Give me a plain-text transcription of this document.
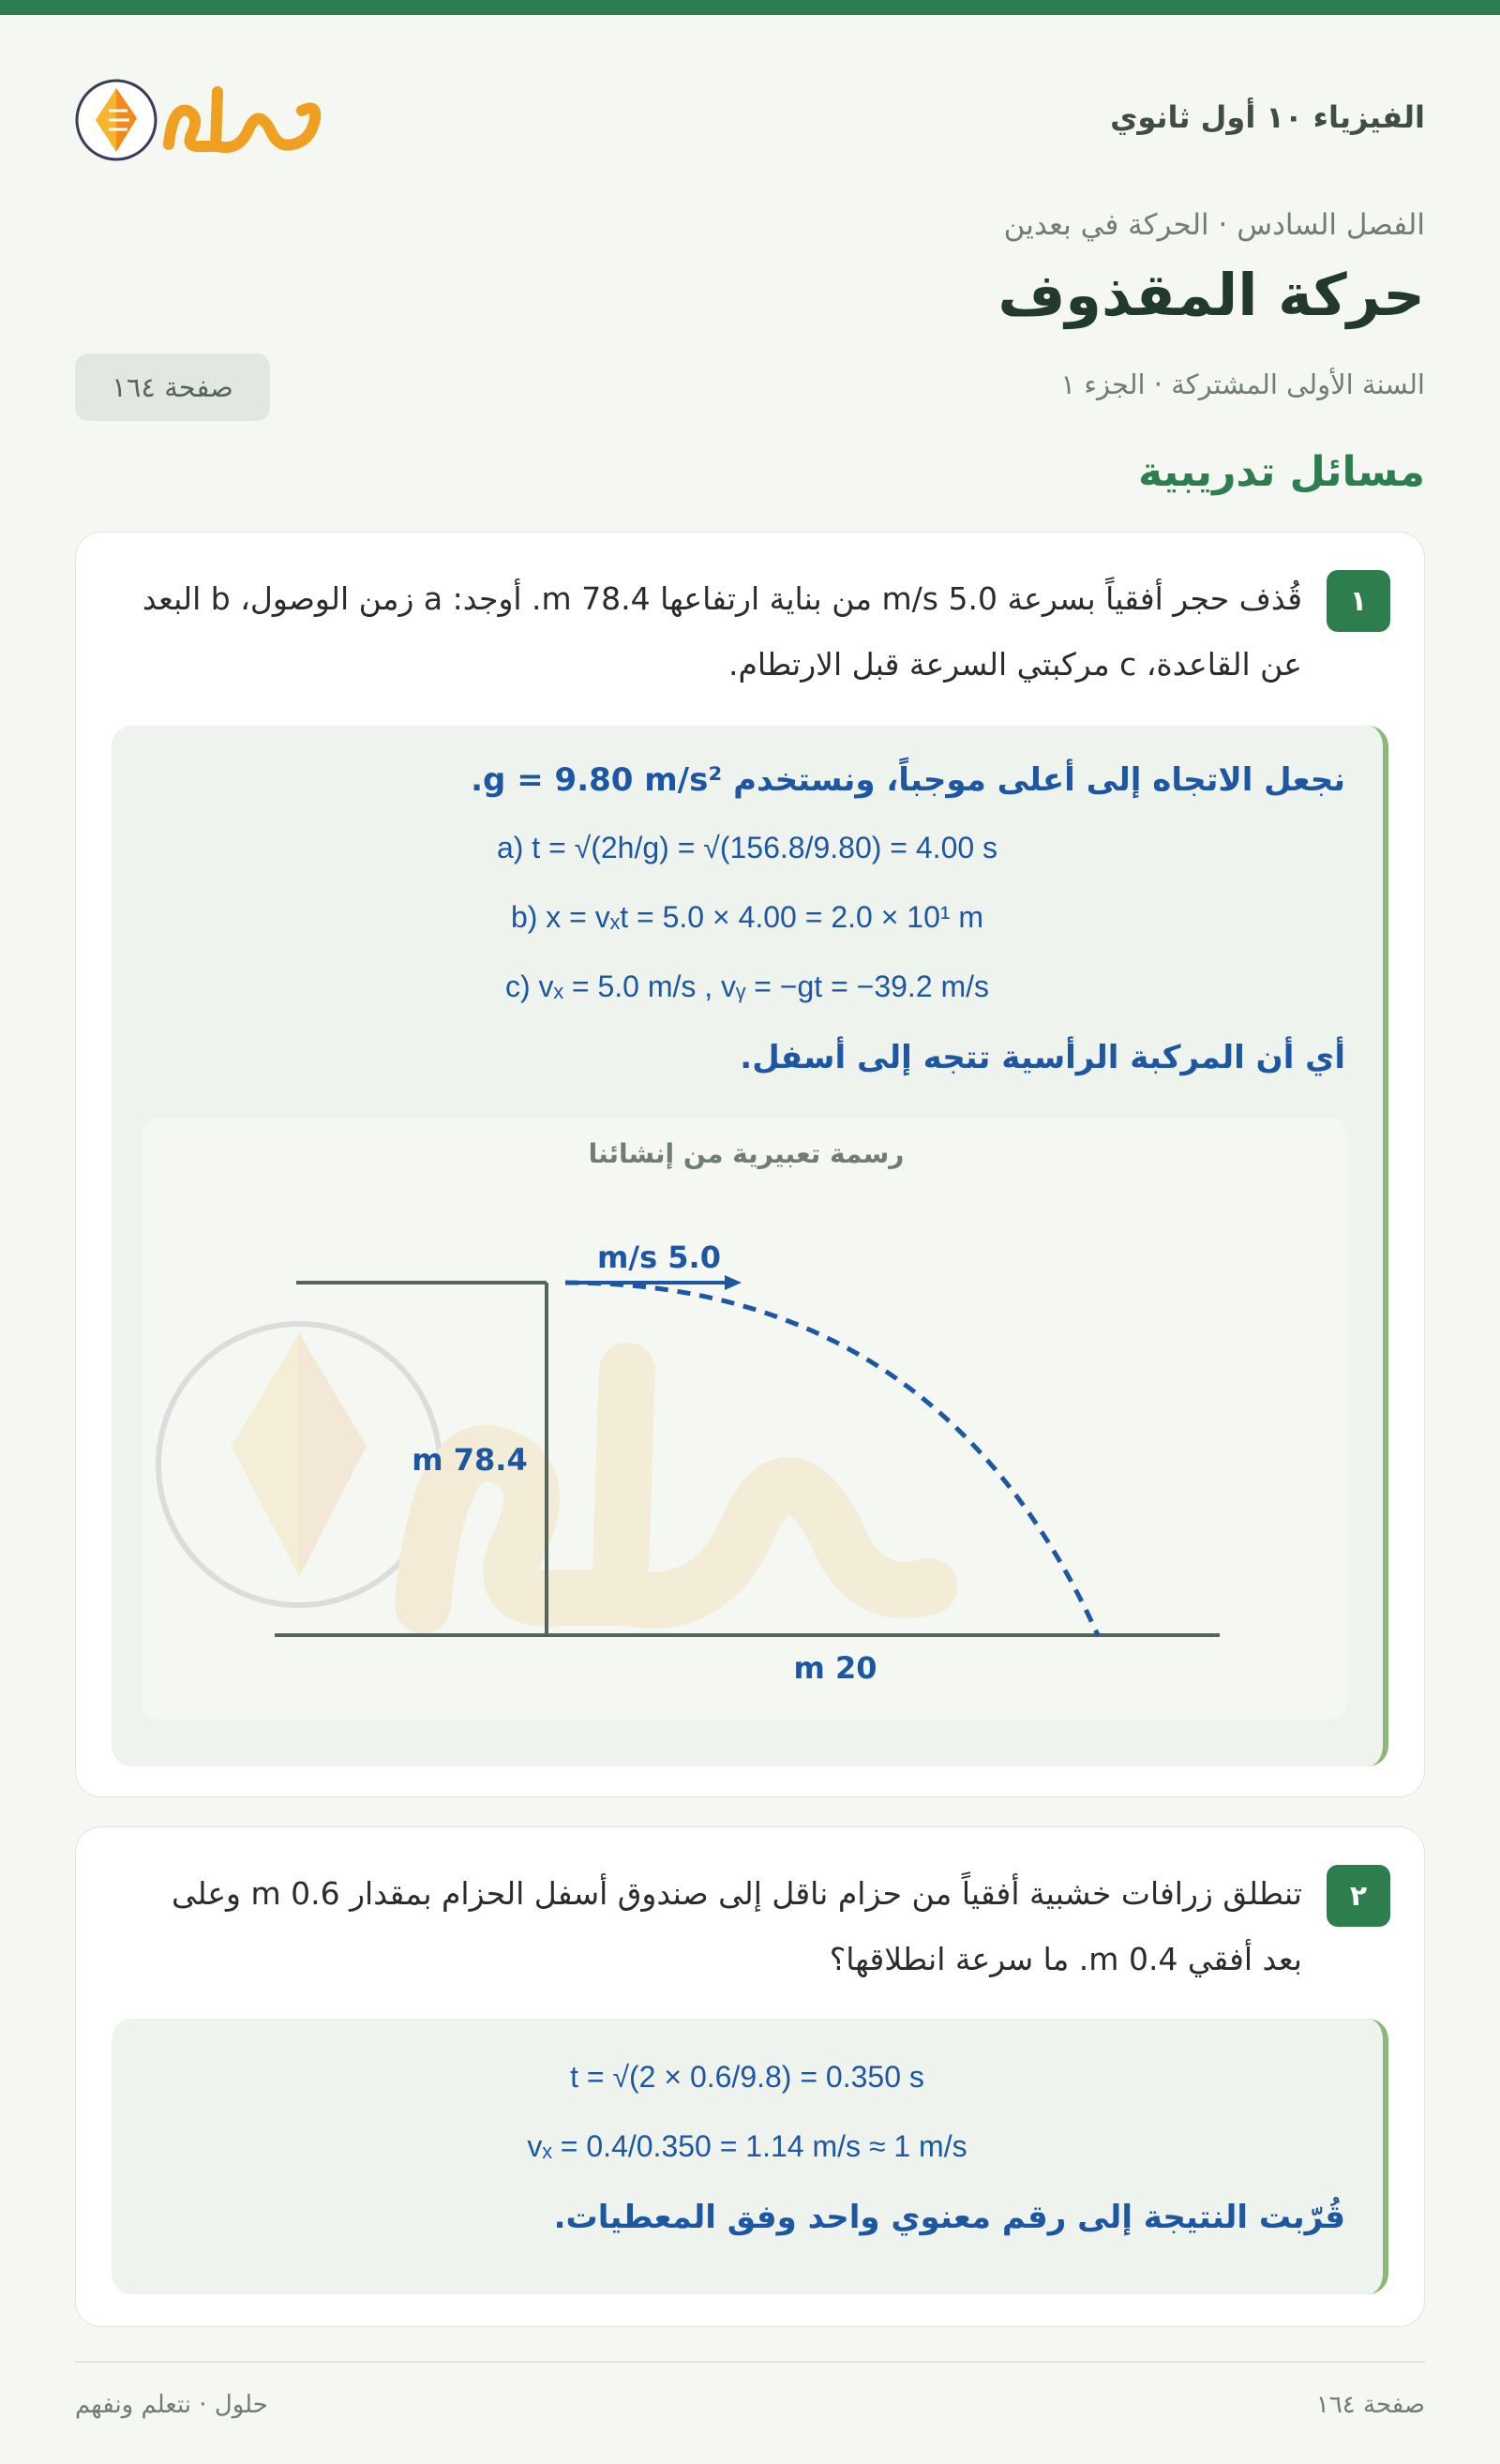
الفيزياء ١٠ أول ثانوي
الفصل السادس · الحركة في بعدين
حركة المقذوف
السنة الأولى المشتركة · الجزء ١
صفحة ١٦٤
مسائل تدريبية
١
قُذف حجر أفقياً بسرعة 5.0 m/s من بناية ارتفاعها 78.4 m. أوجد: a زمن الوصول، b البعد عن القاعدة، c مركبتي السرعة قبل الارتطام.
نجعل الاتجاه إلى أعلى موجباً، ونستخدم g = 9.80 m/s².
a) t = √(2h/g) = √(156.8/9.80) = 4.00 s
b) x = vₓt = 5.0 × 4.00 = 2.0 × 10¹ m
c) vₓ = 5.0 m/s , vᵧ = −gt = −39.2 m/s
أي أن المركبة الرأسية تتجه إلى أسفل.
رسمة تعبيرية من إنشائنا
5.0 m/s
78.4 m
20 m
٢
تنطلق زرافات خشبية أفقياً من حزام ناقل إلى صندوق أسفل الحزام بمقدار 0.6 m وعلى بعد أفقي 0.4 m. ما سرعة انطلاقها؟
t = √(2 × 0.6/9.8) = 0.350 s
vₓ = 0.4/0.350 = 1.14 m/s ≈ 1 m/s
قُرّبت النتيجة إلى رقم معنوي واحد وفق المعطيات.
حلول · نتعلم ونفهم	صفحة ١٦٤
